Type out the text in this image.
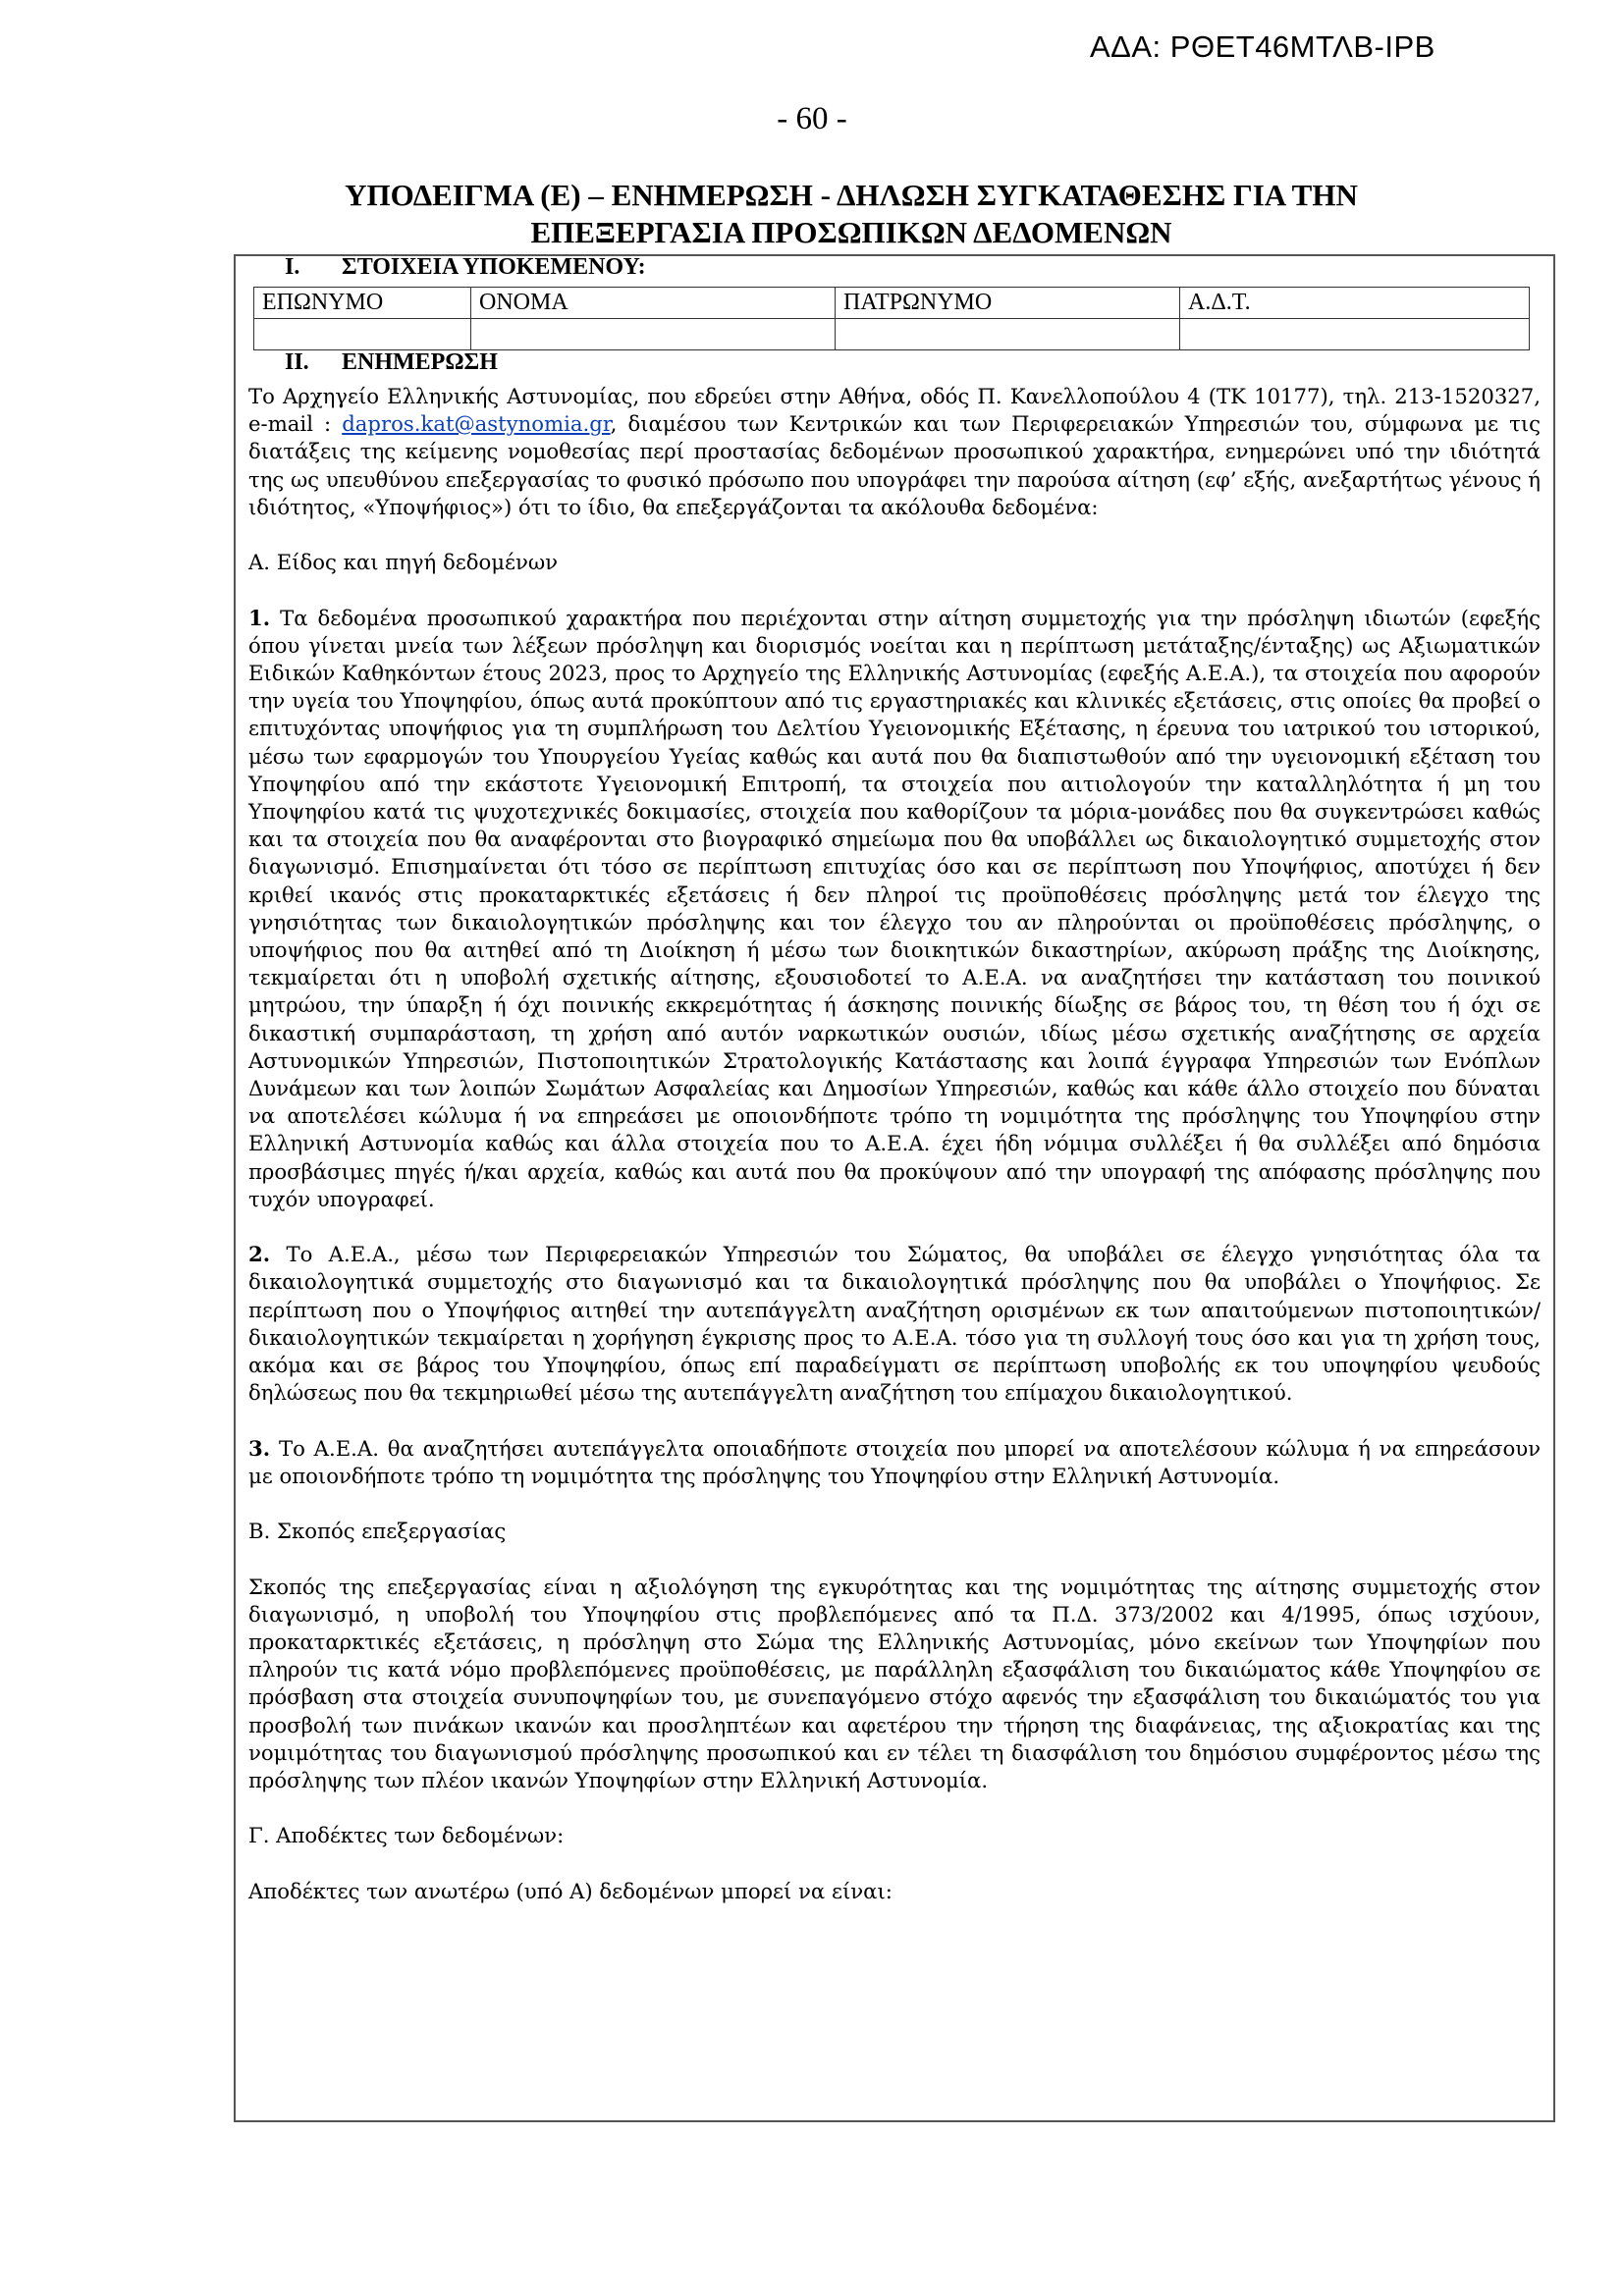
ΑΔΑ: ΡΘΕΤ46ΜΤΛΒ-ΙΡΒ
- 60 -
ΥΠΟΔΕΙΓΜΑ (Ε) – ΕΝΗΜΕΡΩΣΗ - ΔΗΛΩΣΗ ΣΥΓΚΑΤΑΘΕΣΗΣ ΓΙΑ ΤΗΝ
ΕΠΕΞΕΡΓΑΣΙΑ ΠΡΟΣΩΠΙΚΩΝ ΔΕΔΟΜΕΝΩΝ
I. ΣΤΟΙΧΕΙΑ ΥΠΟΚΕΜΕΝΟΥ:
ΕΠΩΝΥΜΟ	ΟΝΟΜΑ	ΠΑΤΡΩΝΥΜΟ	Α.Δ.Τ.

II. ΕΝΗΜΕΡΩΣΗ

Το Αρχηγείο Ελληνικής Αστυνομίας, που εδρεύει στην Αθήνα, οδός Π. Κανελλοπούλου 4 (ΤΚ 10177), τηλ. 213-1520327, e-mail : dapros.kat@astynomia.gr, διαμέσου των Κεντρικών και των Περιφερειακών Υπηρεσιών του, σύμφωνα με τις διατάξεις της κείμενης νομοθεσίας περί προστασίας δεδομένων προσωπικού χαρακτήρα, ενημερώνει υπό την ιδιότητά της ως υπευθύνου επεξεργασίας το φυσικό πρόσωπο που υπογράφει την παρούσα αίτηση (εφ’ εξής, ανεξαρτήτως γένους ή ιδιότητος, «Υποψήφιος») ότι το ίδιο, θα επεξεργάζονται τα ακόλουθα δεδομένα:

Α. Είδος και πηγή δεδομένων

1. Τα δεδομένα προσωπικού χαρακτήρα που περιέχονται στην αίτηση συμμετοχής για την πρόσληψη ιδιωτών (εφεξής όπου γίνεται μνεία των λέξεων πρόσληψη και διορισμός νοείται και η περίπτωση μετάταξης/ένταξης) ως Αξιωματικών Ειδικών Καθηκόντων έτους 2023, προς το Αρχηγείο της Ελληνικής Αστυνομίας (εφεξής Α.Ε.Α.), τα στοιχεία που αφορούν την υγεία του Υποψηφίου, όπως αυτά προκύπτουν από τις εργαστηριακές και κλινικές εξετάσεις, στις οποίες θα προβεί ο επιτυχόντας υποψήφιος για τη συμπλήρωση του Δελτίου Υγειονομικής Εξέτασης, η έρευνα του ιατρικού του ιστορικού, μέσω των εφαρμογών του Υπουργείου Υγείας καθώς και αυτά που θα διαπιστωθούν από την υγειονομική εξέταση του Υποψηφίου από την εκάστοτε Υγειονομική Επιτροπή, τα στοιχεία που αιτιολογούν την καταλληλότητα ή μη του Υποψηφίου κατά τις ψυχοτεχνικές δοκιμασίες, στοιχεία που καθορίζουν τα μόρια-μονάδες που θα συγκεντρώσει καθώς και τα στοιχεία που θα αναφέρονται στο βιογραφικό σημείωμα που θα υποβάλλει ως δικαιολογητικό συμμετοχής στον διαγωνισμό. Επισημαίνεται ότι τόσο σε περίπτωση επιτυχίας όσο και σε περίπτωση που Υποψήφιος, αποτύχει ή δεν κριθεί ικανός στις προκαταρκτικές εξετάσεις ή δεν πληροί τις προϋποθέσεις πρόσληψης μετά τον έλεγχο της γνησιότητας των δικαιολογητικών πρόσληψης και τον έλεγχο του αν πληρούνται οι προϋποθέσεις πρόσληψης, ο υποψήφιος που θα αιτηθεί από τη Διοίκηση ή μέσω των διοικητικών δικαστηρίων, ακύρωση πράξης της Διοίκησης, τεκμαίρεται ότι η υποβολή σχετικής αίτησης, εξουσιοδοτεί το Α.Ε.Α. να αναζητήσει την κατάσταση του ποινικού μητρώου, την ύπαρξη ή όχι ποινικής εκκρεμότητας ή άσκησης ποινικής δίωξης σε βάρος του, τη θέση του ή όχι σε δικαστική συμπαράσταση, τη χρήση από αυτόν ναρκωτικών ουσιών, ιδίως μέσω σχετικής αναζήτησης σε αρχεία Αστυνομικών Υπηρεσιών, Πιστοποιητικών Στρατολογικής Κατάστασης και λοιπά έγγραφα Υπηρεσιών των Ενόπλων Δυνάμεων και των λοιπών Σωμάτων Ασφαλείας και Δημοσίων Υπηρεσιών, καθώς και κάθε άλλο στοιχείο που δύναται να αποτελέσει κώλυμα ή να επηρεάσει με οποιονδήποτε τρόπο τη νομιμότητα της πρόσληψης του Υποψηφίου στην Ελληνική Αστυνομία καθώς και άλλα στοιχεία που το Α.Ε.Α. έχει ήδη νόμιμα συλλέξει ή θα συλλέξει από δημόσια προσβάσιμες πηγές ή/και αρχεία, καθώς και αυτά που θα προκύψουν από την υπογραφή της απόφασης πρόσληψης που τυχόν υπογραφεί.

2. Το Α.Ε.Α., μέσω των Περιφερειακών Υπηρεσιών του Σώματος, θα υποβάλει σε έλεγχο γνησιότητας όλα τα δικαιολογητικά συμμετοχής στο διαγωνισμό και τα δικαιολογητικά πρόσληψης που θα υποβάλει ο Υποψήφιος. Σε περίπτωση που ο Υποψήφιος αιτηθεί την αυτεπάγγελτη αναζήτηση ορισμένων εκ των απαιτούμενων πιστοποιητικών/δικαιολογητικών τεκμαίρεται η χορήγηση έγκρισης προς το Α.Ε.Α. τόσο για τη συλλογή τους όσο και για τη χρήση τους, ακόμα και σε βάρος του Υποψηφίου, όπως επί παραδείγματι σε περίπτωση υποβολής εκ του υποψηφίου ψευδούς δηλώσεως που θα τεκμηριωθεί μέσω της αυτεπάγγελτη αναζήτηση του επίμαχου δικαιολογητικού.

3. Το Α.Ε.Α. θα αναζητήσει αυτεπάγγελτα οποιαδήποτε στοιχεία που μπορεί να αποτελέσουν κώλυμα ή να επηρεάσουν με οποιονδήποτε τρόπο τη νομιμότητα της πρόσληψης του Υποψηφίου στην Ελληνική Αστυνομία.

Β. Σκοπός επεξεργασίας

Σκοπός της επεξεργασίας είναι η αξιολόγηση της εγκυρότητας και της νομιμότητας της αίτησης συμμετοχής στον διαγωνισμό, η υποβολή του Υποψηφίου στις προβλεπόμενες από τα Π.Δ. 373/2002 και 4/1995, όπως ισχύουν, προκαταρκτικές εξετάσεις, η πρόσληψη στο Σώμα της Ελληνικής Αστυνομίας, μόνο εκείνων των Υποψηφίων που πληρούν τις κατά νόμο προβλεπόμενες προϋποθέσεις, με παράλληλη εξασφάλιση του δικαιώματος κάθε Υποψηφίου σε πρόσβαση στα στοιχεία συνυποψηφίων του, με συνεπαγόμενο στόχο αφενός την εξασφάλιση του δικαιώματός του για προσβολή των πινάκων ικανών και προσληπτέων και αφετέρου την τήρηση της διαφάνειας, της αξιοκρατίας και της νομιμότητας του διαγωνισμού πρόσληψης προσωπικού και εν τέλει τη διασφάλιση του δημόσιου συμφέροντος μέσω της πρόσληψης των πλέον ικανών Υποψηφίων στην Ελληνική Αστυνομία.

Γ. Αποδέκτες των δεδομένων:

Αποδέκτες των ανωτέρω (υπό Α) δεδομένων μπορεί να είναι:
